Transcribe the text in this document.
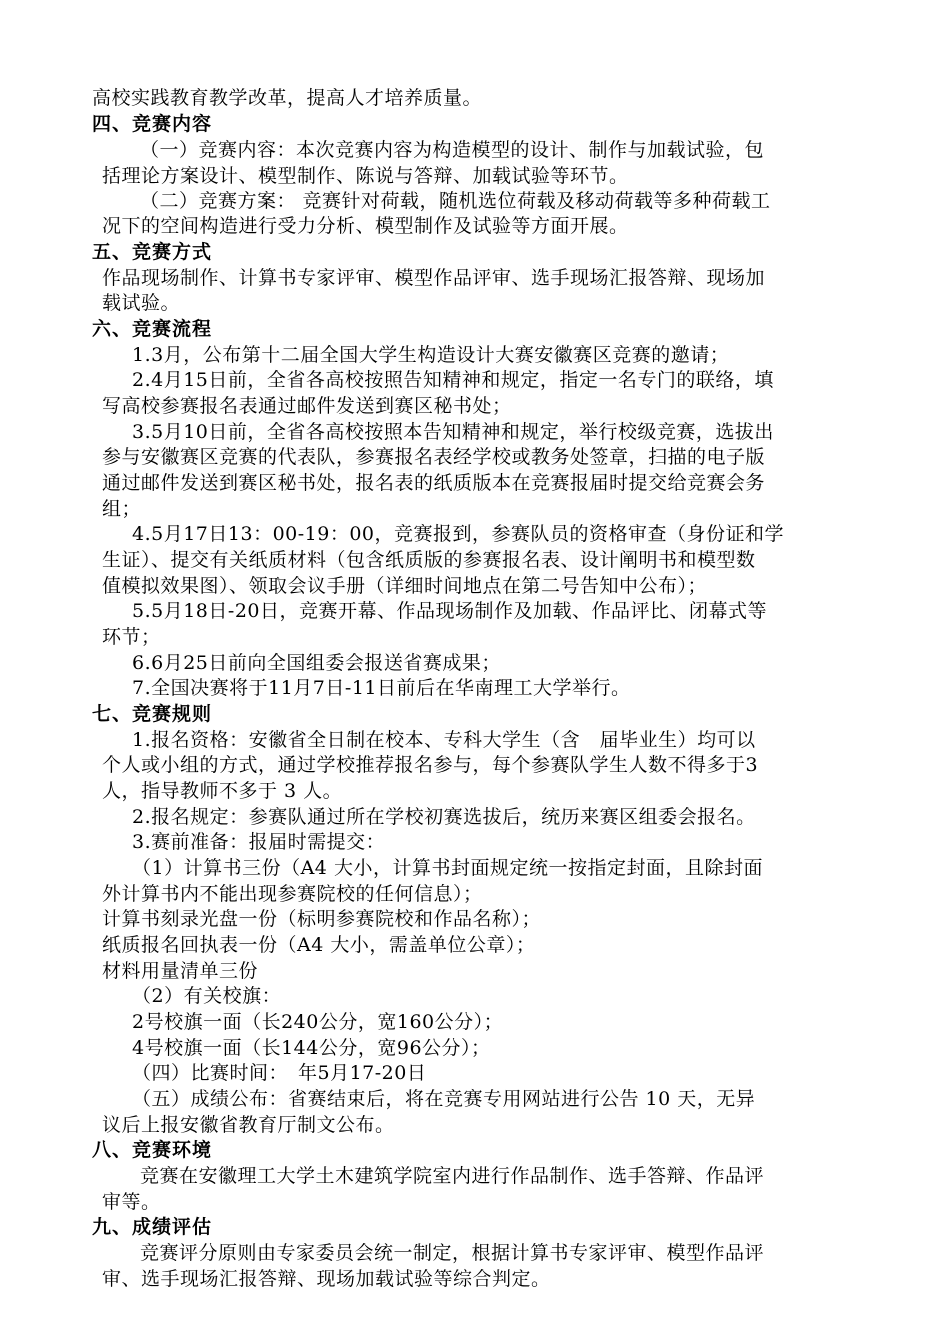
高校实践教育教学改革，提高人才培养质量。
四、竞赛内容
（一）竞赛内容：本次竞赛内容为构造模型的设计、制作与加载试验，包
括理论方案设计、模型制作、陈说与答辩、加载试验等环节。
（二）竞赛方案： 竞赛针对荷载，随机选位荷载及移动荷载等多种荷载工
况下的空间构造进行受力分析、模型制作及试验等方面开展。
五、竞赛方式
作品现场制作、计算书专家评审、模型作品评审、选手现场汇报答辩、现场加
载试验。
六、竞赛流程
1.3月，公布第十二届全国大学生构造设计大赛安徽赛区竞赛的邀请；
2.4月15日前，全省各高校按照告知精神和规定，指定一名专门的联络，填
写高校参赛报名表通过邮件发送到赛区秘书处；
3.5月10日前，全省各高校按照本告知精神和规定，举行校级竞赛，选拔出
参与安徽赛区竞赛的代表队，参赛报名表经学校或教务处签章，扫描的电子版
通过邮件发送到赛区秘书处，报名表的纸质版本在竞赛报届时提交给竞赛会务
组；
4.5月17日13：00-19：00，竞赛报到，参赛队员的资格审查（身份证和学
生证）、提交有关纸质材料（包含纸质版的参赛报名表、设计阐明书和模型数
值模拟效果图）、领取会议手册（详细时间地点在第二号告知中公布）；
5.5月18日-20日，竞赛开幕、作品现场制作及加载、作品评比、闭幕式等
环节；
6.6月25日前向全国组委会报送省赛成果；
7.全国决赛将于11月7日-11日前后在华南理工大学举行。
七、竞赛规则
1.报名资格：安徽省全日制在校本、专科大学生（含　届毕业生）均可以
个人或小组的方式，通过学校推荐报名参与，每个参赛队学生人数不得多于3
人，指导教师不多于 3 人。
2.报名规定：参赛队通过所在学校初赛选拔后，统历来赛区组委会报名。
3.赛前准备：报届时需提交：
（1）计算书三份（A4 大小，计算书封面规定统一按指定封面，且除封面
外计算书内不能出现参赛院校的任何信息）；
计算书刻录光盘一份（标明参赛院校和作品名称）；
纸质报名回执表一份（A4 大小，需盖单位公章）；
材料用量清单三份
（2）有关校旗：
2号校旗一面（长240公分，宽160公分）；
4号校旗一面（长144公分，宽96公分）；
（四）比赛时间：　年5月17-20日
（五）成绩公布：省赛结束后，将在竞赛专用网站进行公告 10 天，无异
议后上报安徽省教育厅制文公布。
八、竞赛环境
竞赛在安徽理工大学土木建筑学院室内进行作品制作、选手答辩、作品评
审等。
九、成绩评估
竞赛评分原则由专家委员会统一制定，根据计算书专家评审、模型作品评
审、选手现场汇报答辩、现场加载试验等综合判定。
